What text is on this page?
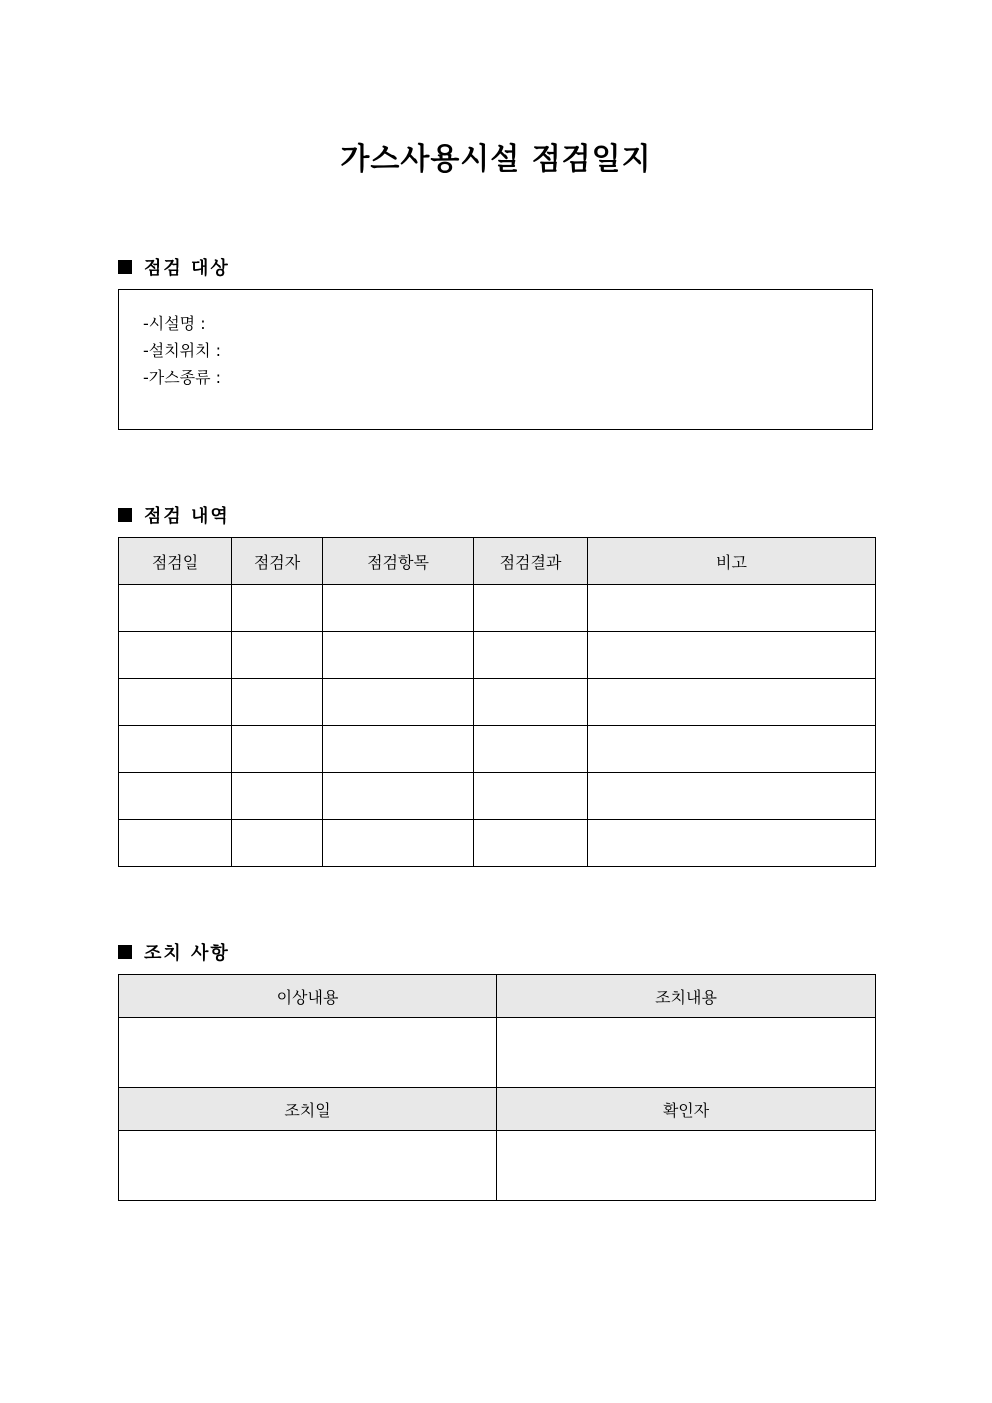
가스사용시설 점검일지
점검 대상
-시설명 :
-설치위치 :
-가스종류 :
점검 내역
점검일	점검자	점검항목	점검결과	비고

조치 사항
이상내용	조치내용

조치일	확인자
